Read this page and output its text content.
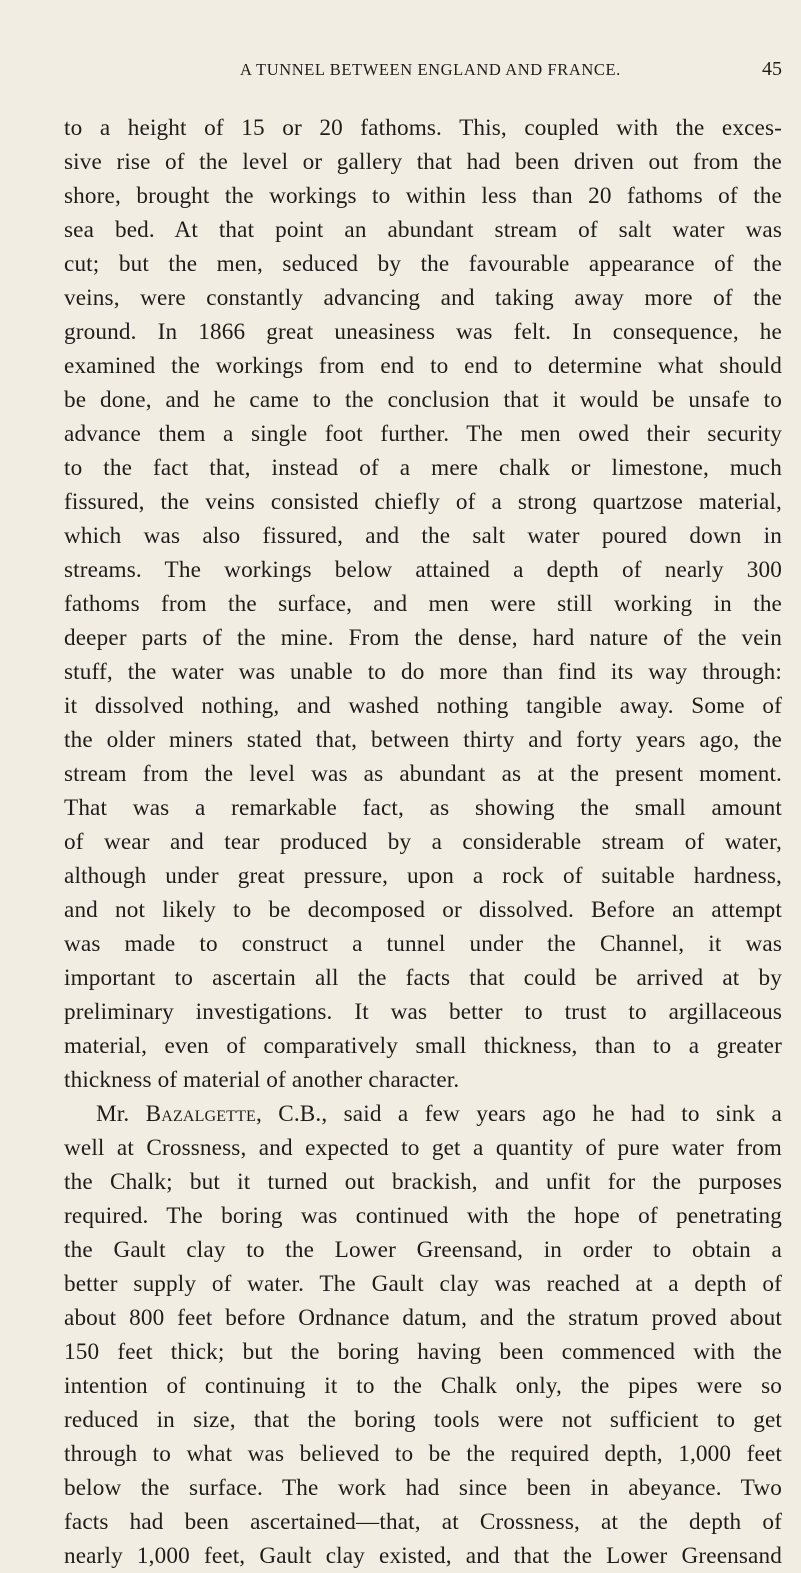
A TUNNEL BETWEEN ENGLAND AND FRANCE.	45
to a height of 15 or 20 fathoms. This, coupled with the exces-
sive rise of the level or gallery that had been driven out from the
shore, brought the workings to within less than 20 fathoms of the
sea bed. At that point an abundant stream of salt water was
cut; but the men, seduced by the favourable appearance of the
veins, were constantly advancing and taking away more of the
ground. In 1866 great uneasiness was felt. In consequence, he
examined the workings from end to end to determine what should
be done, and he came to the conclusion that it would be unsafe to
advance them a single foot further. The men owed their security
to the fact that, instead of a mere chalk or limestone, much
fissured, the veins consisted chiefly of a strong quartzose material,
which was also fissured, and the salt water poured down in
streams. The workings below attained a depth of nearly 300
fathoms from the surface, and men were still working in the
deeper parts of the mine. From the dense, hard nature of the vein
stuff, the water was unable to do more than find its way through:
it dissolved nothing, and washed nothing tangible away. Some of
the older miners stated that, between thirty and forty years ago, the
stream from the level was as abundant as at the present moment.
That was a remarkable fact, as showing the small amount
of wear and tear produced by a considerable stream of water,
although under great pressure, upon a rock of suitable hardness,
and not likely to be decomposed or dissolved. Before an attempt
was made to construct a tunnel under the Channel, it was
important to ascertain all the facts that could be arrived at by
preliminary investigations. It was better to trust to argillaceous
material, even of comparatively small thickness, than to a greater
thickness of material of another character.
Mr. Bazalgette, C.B., said a few years ago he had to sink a
well at Crossness, and expected to get a quantity of pure water from
the Chalk; but it turned out brackish, and unfit for the purposes
required. The boring was continued with the hope of penetrating
the Gault clay to the Lower Greensand, in order to obtain a
better supply of water. The Gault clay was reached at a depth of
about 800 feet before Ordnance datum, and the stratum proved about
150 feet thick; but the boring having been commenced with the
intention of continuing it to the Chalk only, the pipes were so
reduced in size, that the boring tools were not sufficient to get
through to what was believed to be the required depth, 1,000 feet
below the surface. The work had since been in abeyance. Two
facts had been ascertained—that, at Crossness, at the depth of
nearly 1,000 feet, Gault clay existed, and that the Lower Greensand
